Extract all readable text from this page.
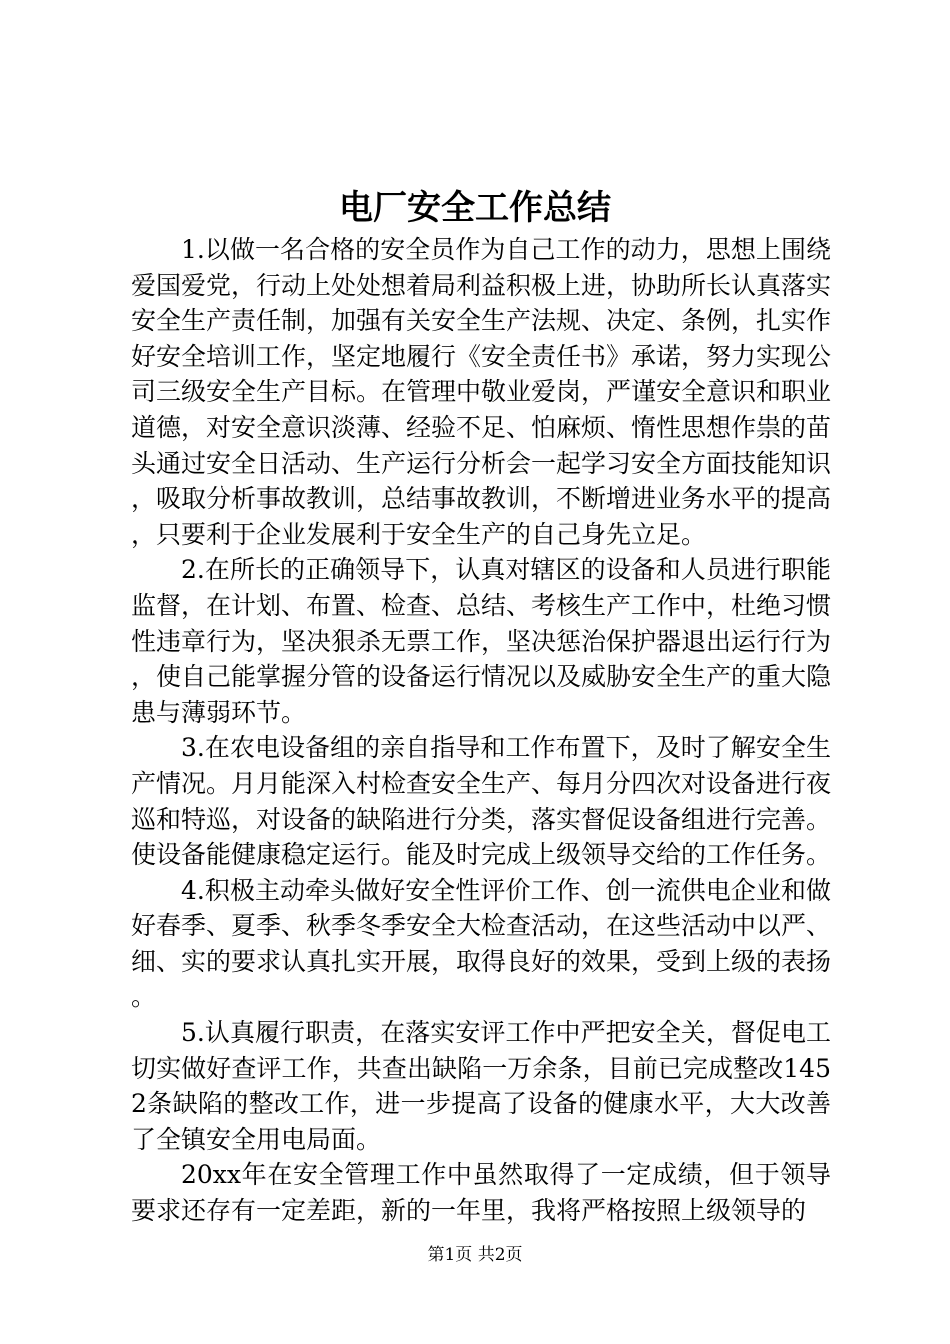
电厂安全工作总结

1.以做一名合格的安全员作为自己工作的动力，思想上围绕爱国爱党，行动上处处想着局利益积极上进，协助所长认真落实安全生产责任制，加强有关安全生产法规、决定、条例，扎实作好安全培训工作，坚定地履行《安全责任书》承诺，努力实现公司三级安全生产目标。在管理中敬业爱岗，严谨安全意识和职业道德，对安全意识淡薄、经验不足、怕麻烦、惰性思想作祟的苗头通过安全日活动、生产运行分析会一起学习安全方面技能知识，吸取分析事故教训，总结事故教训，不断增进业务水平的提高，只要利于企业发展利于安全生产的自己身先立足。

2.在所长的正确领导下，认真对辖区的设备和人员进行职能监督，在计划、布置、检查、总结、考核生产工作中，杜绝习惯性违章行为，坚决狠杀无票工作，坚决惩治保护器退出运行行为，使自己能掌握分管的设备运行情况以及威胁安全生产的重大隐患与薄弱环节。

3.在农电设备组的亲自指导和工作布置下，及时了解安全生产情况。月月能深入村检查安全生产、每月分四次对设备进行夜巡和特巡，对设备的缺陷进行分类，落实督促设备组进行完善。使设备能健康稳定运行。能及时完成上级领导交给的工作任务。

4.积极主动牵头做好安全性评价工作、创一流供电企业和做好春季、夏季、秋季冬季安全大检查活动，在这些活动中以严、细、实的要求认真扎实开展，取得良好的效果，受到上级的表扬。

5.认真履行职责，在落实安评工作中严把安全关，督促电工切实做好查评工作，共查出缺陷一万余条，目前已完成整改1452条缺陷的整改工作，进一步提高了设备的健康水平，大大改善了全镇安全用电局面。

20xx年在安全管理工作中虽然取得了一定成绩，但于领导要求还存有一定差距，新的一年里，我将严格按照上级领导的

第1页 共2页
